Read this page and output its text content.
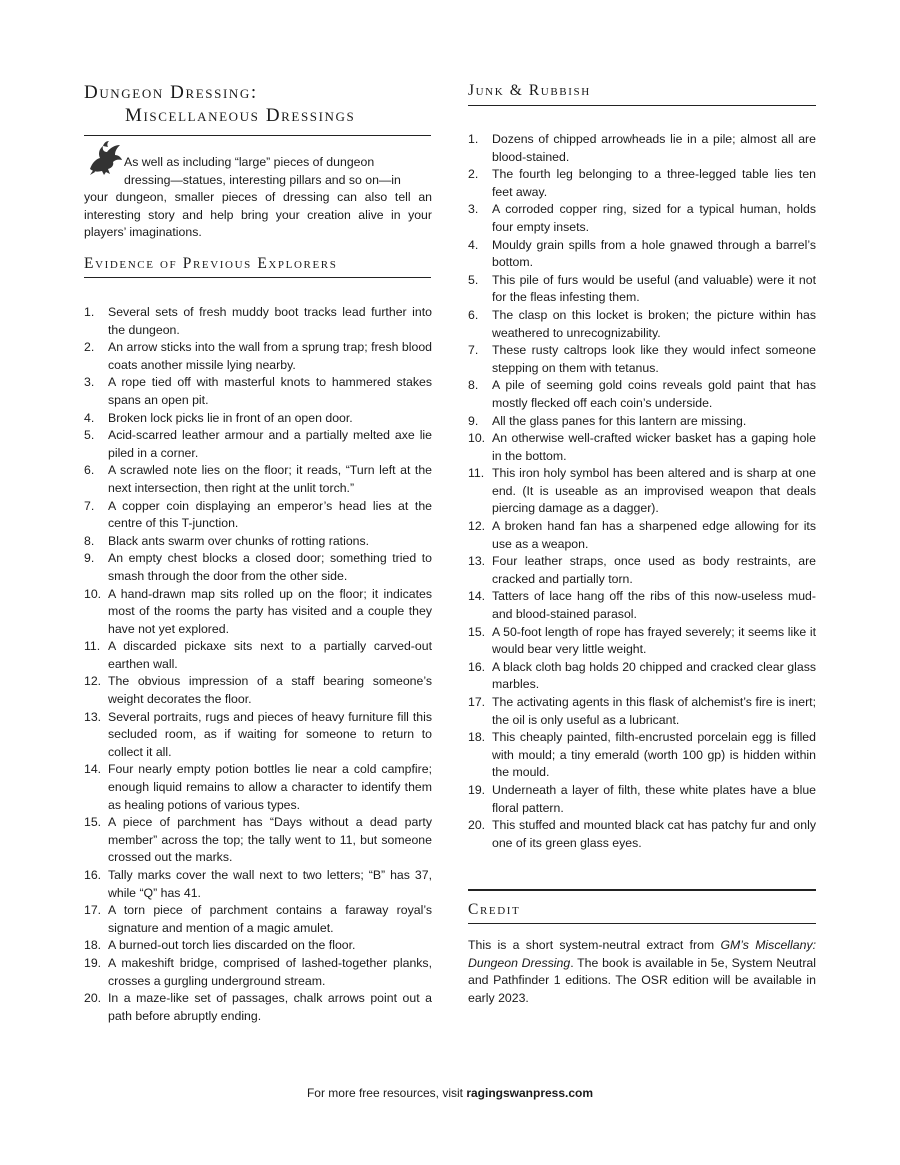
Dungeon Dressing:
Miscellaneous Dressings
As well as including “large” pieces of dungeon
dressing—statues, interesting pillars and so on—in
your dungeon, smaller pieces of dressing can also tell an interesting story and help bring your creation alive in your players’ imaginations.
Evidence of Previous Explorers
1. Several sets of fresh muddy boot tracks lead further into the dungeon.
2. An arrow sticks into the wall from a sprung trap; fresh blood coats another missile lying nearby.
3. A rope tied off with masterful knots to hammered stakes spans an open pit.
4. Broken lock picks lie in front of an open door.
5. Acid-scarred leather armour and a partially melted axe lie piled in a corner.
6. A scrawled note lies on the floor; it reads, “Turn left at the next intersection, then right at the unlit torch.”
7. A copper coin displaying an emperor’s head lies at the centre of this T-junction.
8. Black ants swarm over chunks of rotting rations.
9. An empty chest blocks a closed door; something tried to smash through the door from the other side.
10. A hand-drawn map sits rolled up on the floor; it indicates most of the rooms the party has visited and a couple they have not yet explored.
11. A discarded pickaxe sits next to a partially carved-out earthen wall.
12. The obvious impression of a staff bearing someone’s weight decorates the floor.
13. Several portraits, rugs and pieces of heavy furniture fill this secluded room, as if waiting for someone to return to collect it all.
14. Four nearly empty potion bottles lie near a cold campfire; enough liquid remains to allow a character to identify them as healing potions of various types.
15. A piece of parchment has “Days without a dead party member” across the top; the tally went to 11, but someone crossed out the marks.
16. Tally marks cover the wall next to two letters; “B” has 37, while “Q” has 41.
17. A torn piece of parchment contains a faraway royal’s signature and mention of a magic amulet.
18. A burned-out torch lies discarded on the floor.
19. A makeshift bridge, comprised of lashed-together planks, crosses a gurgling underground stream.
20. In a maze-like set of passages, chalk arrows point out a path before abruptly ending.
Junk & Rubbish
1. Dozens of chipped arrowheads lie in a pile; almost all are blood-stained.
2. The fourth leg belonging to a three-legged table lies ten feet away.
3. A corroded copper ring, sized for a typical human, holds four empty insets.
4. Mouldy grain spills from a hole gnawed through a barrel’s bottom.
5. This pile of furs would be useful (and valuable) were it not for the fleas infesting them.
6. The clasp on this locket is broken; the picture within has weathered to unrecognizability.
7. These rusty caltrops look like they would infect someone stepping on them with tetanus.
8. A pile of seeming gold coins reveals gold paint that has mostly flecked off each coin’s underside.
9. All the glass panes for this lantern are missing.
10. An otherwise well-crafted wicker basket has a gaping hole in the bottom.
11. This iron holy symbol has been altered and is sharp at one end. (It is useable as an improvised weapon that deals piercing damage as a dagger).
12. A broken hand fan has a sharpened edge allowing for its use as a weapon.
13. Four leather straps, once used as body restraints, are cracked and partially torn.
14. Tatters of lace hang off the ribs of this now-useless mud- and blood-stained parasol.
15. A 50-foot length of rope has frayed severely; it seems like it would bear very little weight.
16. A black cloth bag holds 20 chipped and cracked clear glass marbles.
17. The activating agents in this flask of alchemist’s fire is inert; the oil is only useful as a lubricant.
18. This cheaply painted, filth-encrusted porcelain egg is filled with mould; a tiny emerald (worth 100 gp) is hidden within the mould.
19. Underneath a layer of filth, these white plates have a blue floral pattern.
20. This stuffed and mounted black cat has patchy fur and only one of its green glass eyes.
Credit
This is a short system-neutral extract from GM’s Miscellany: Dungeon Dressing. The book is available in 5e, System Neutral and Pathfinder 1 editions. The OSR edition will be available in early 2023.
For more free resources, visit ragingswanpress.com
